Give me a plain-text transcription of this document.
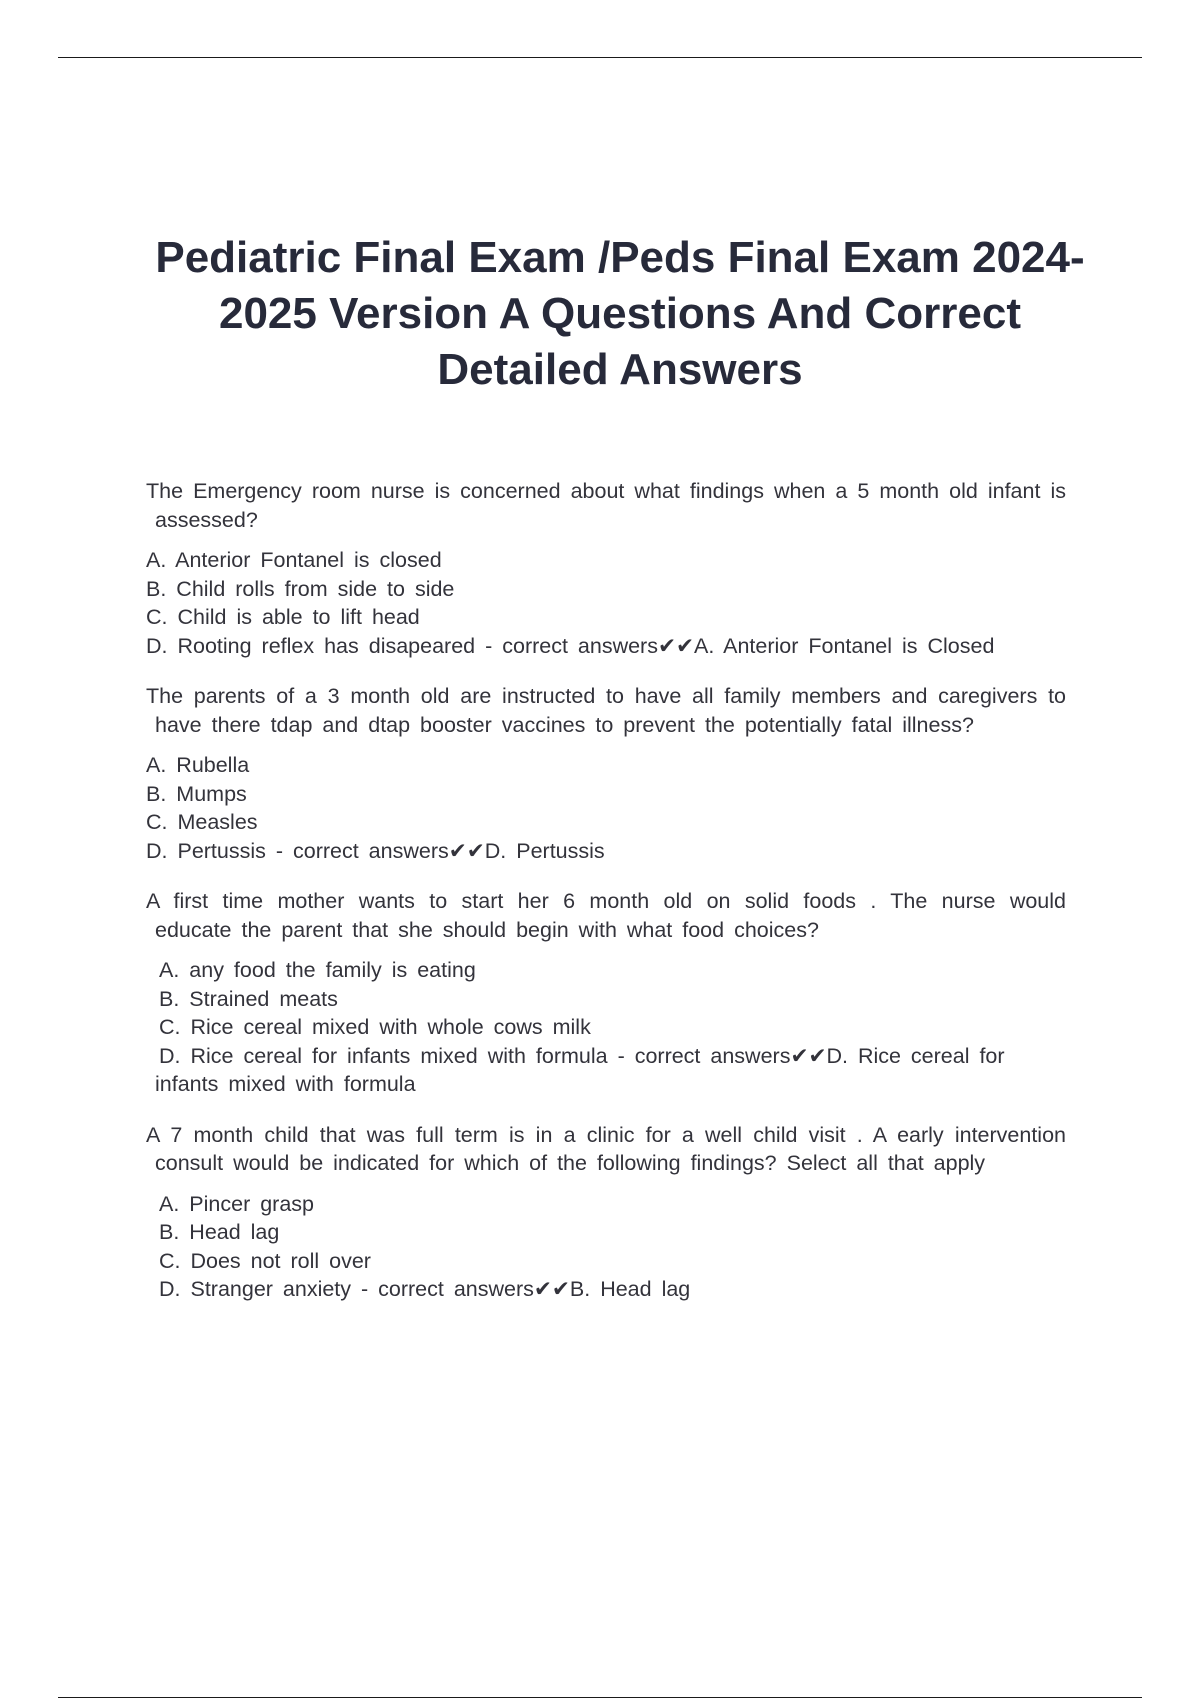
Pediatric Final Exam /Peds Final Exam 2024-2025 Version A Questions And Correct Detailed Answers

The Emergency room nurse is concerned about what findings when a 5 month old infant is assessed?

A. Anterior Fontanel is closed
B. Child rolls from side to side
C. Child is able to lift head
D. Rooting reflex has disapeared - correct answers✔✔A. Anterior Fontanel is Closed

The parents of a 3 month old are instructed to have all family members and caregivers to have there tdap and dtap booster vaccines to prevent the potentially fatal illness?

A. Rubella
B. Mumps
C. Measles
D. Pertussis - correct answers✔✔D. Pertussis

A first time mother wants to start her 6 month old on solid foods . The nurse would educate the parent that she should begin with what food choices?

A. any food the family is eating
B. Strained meats
C. Rice cereal mixed with whole cows milk
D. Rice cereal for infants mixed with formula - correct answers✔✔D. Rice cereal for infants mixed with formula

A 7 month child that was full term is in a clinic for a well child visit . A early intervention consult would be indicated for which of the following findings? Select all that apply

A. Pincer grasp
B. Head lag
C. Does not roll over
D. Stranger anxiety - correct answers✔✔B. Head lag
